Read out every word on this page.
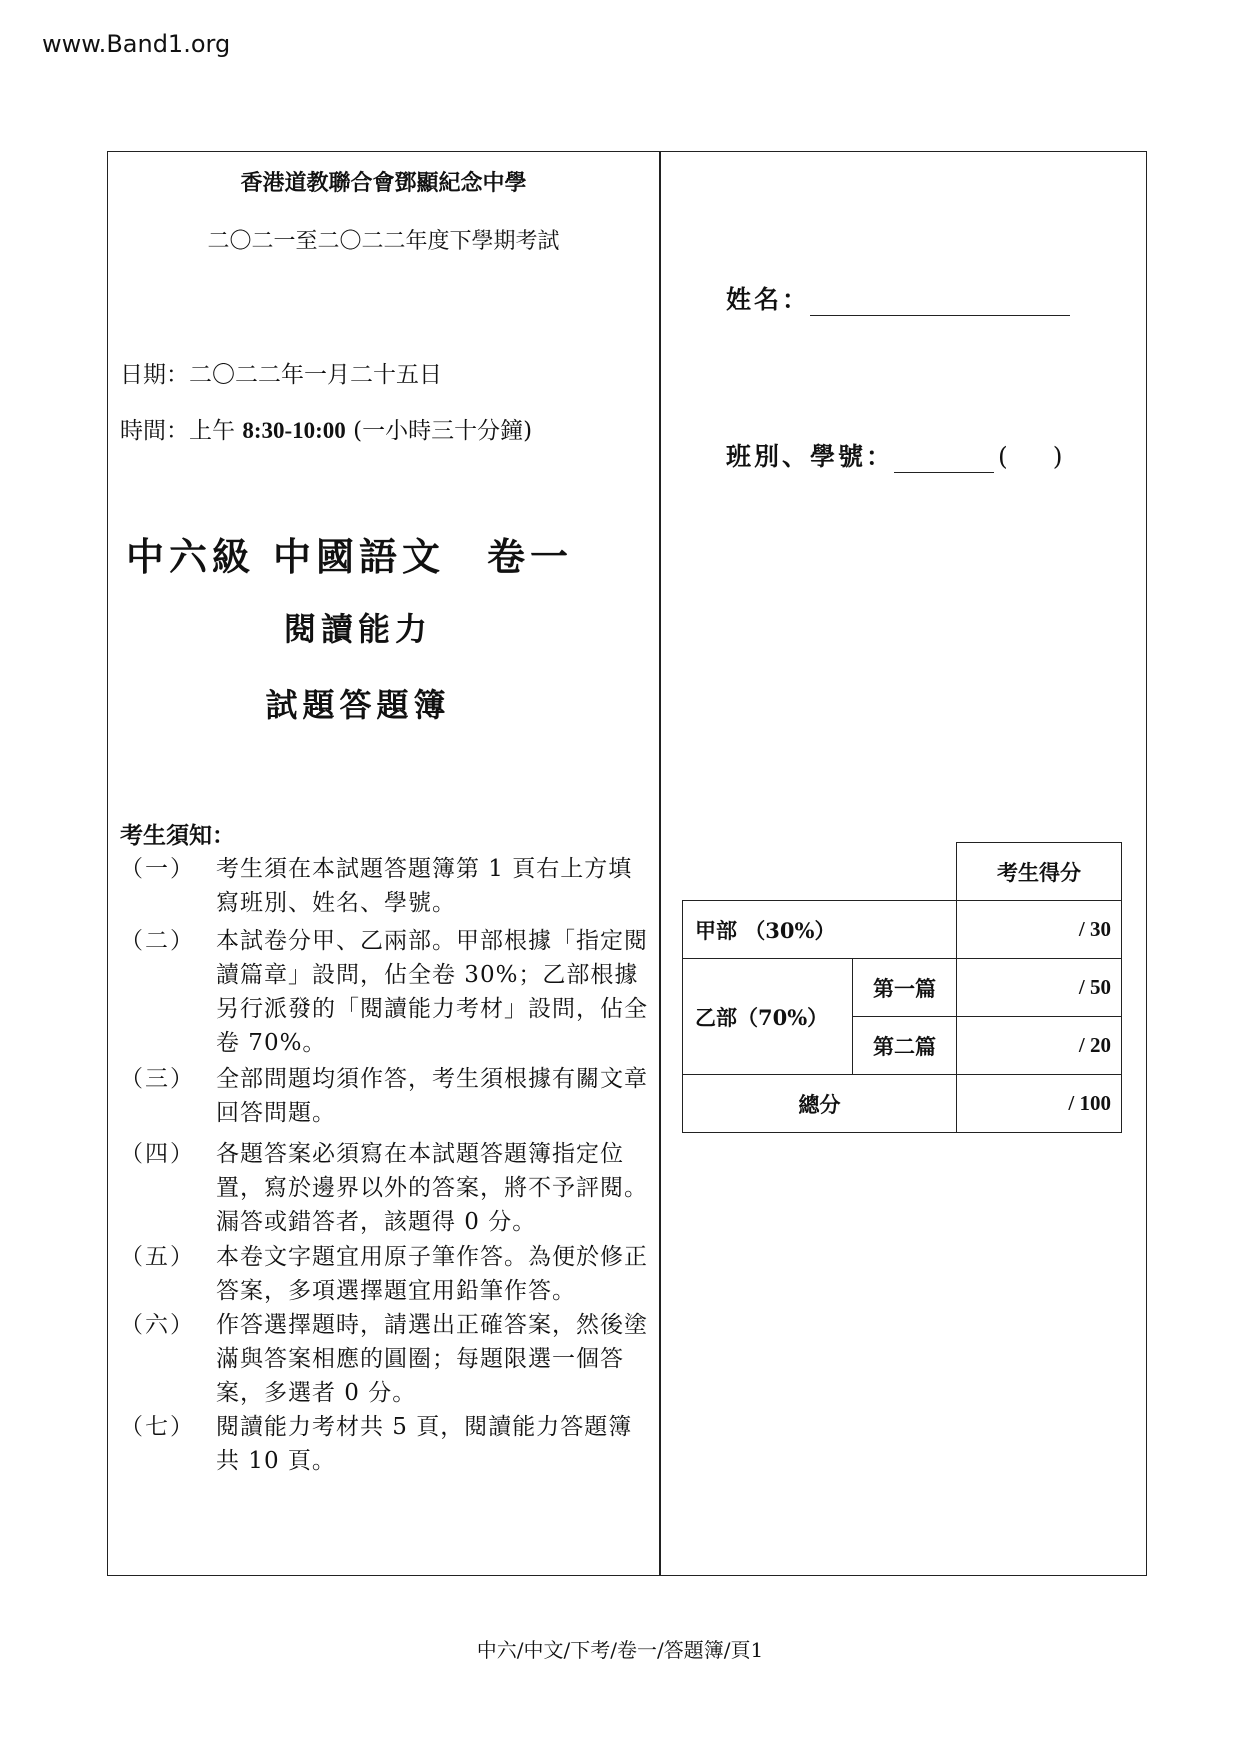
www.Band1.org
香港道教聯合會鄧顯紀念中學
二〇二一至二〇二二年度下學期考試
日期：二〇二二年一月二十五日
時間：上午 8:30-10:00 (一小時三十分鐘)
中六級 中國語文 卷一
閱讀能力
試題答題簿
考生須知：
（一） 考生須在本試題答題簿第 1 頁右上方填寫班別、姓名、學號。
（二） 本試卷分甲、乙兩部。甲部根據「指定閱讀篇章」設問，佔全卷 30%；乙部根據另行派發的「閱讀能力考材」設問，佔全卷 70%。
（三） 全部問題均須作答，考生須根據有關文章回答問題。
（四） 各題答案必須寫在本試題答題簿指定位置，寫於邊界以外的答案，將不予評閱。漏答或錯答者，該題得 0 分。
（五） 本卷文字題宜用原子筆作答。為便於修正答案，多項選擇題宜用鉛筆作答。
（六） 作答選擇題時，請選出正確答案，然後塗滿與答案相應的圓圈；每題限選一個答案，多選者 0 分。
（七） 閱讀能力考材共 5 頁，閱讀能力答題簿共 10 頁。
姓名：
班別、學號：	( )
		考生得分
甲部 （30%）		/ 30
乙部（70%）	第一篇	/ 50
	第二篇	/ 20
總分		/ 100
中六/中文/下考/卷一/答題簿/頁1
